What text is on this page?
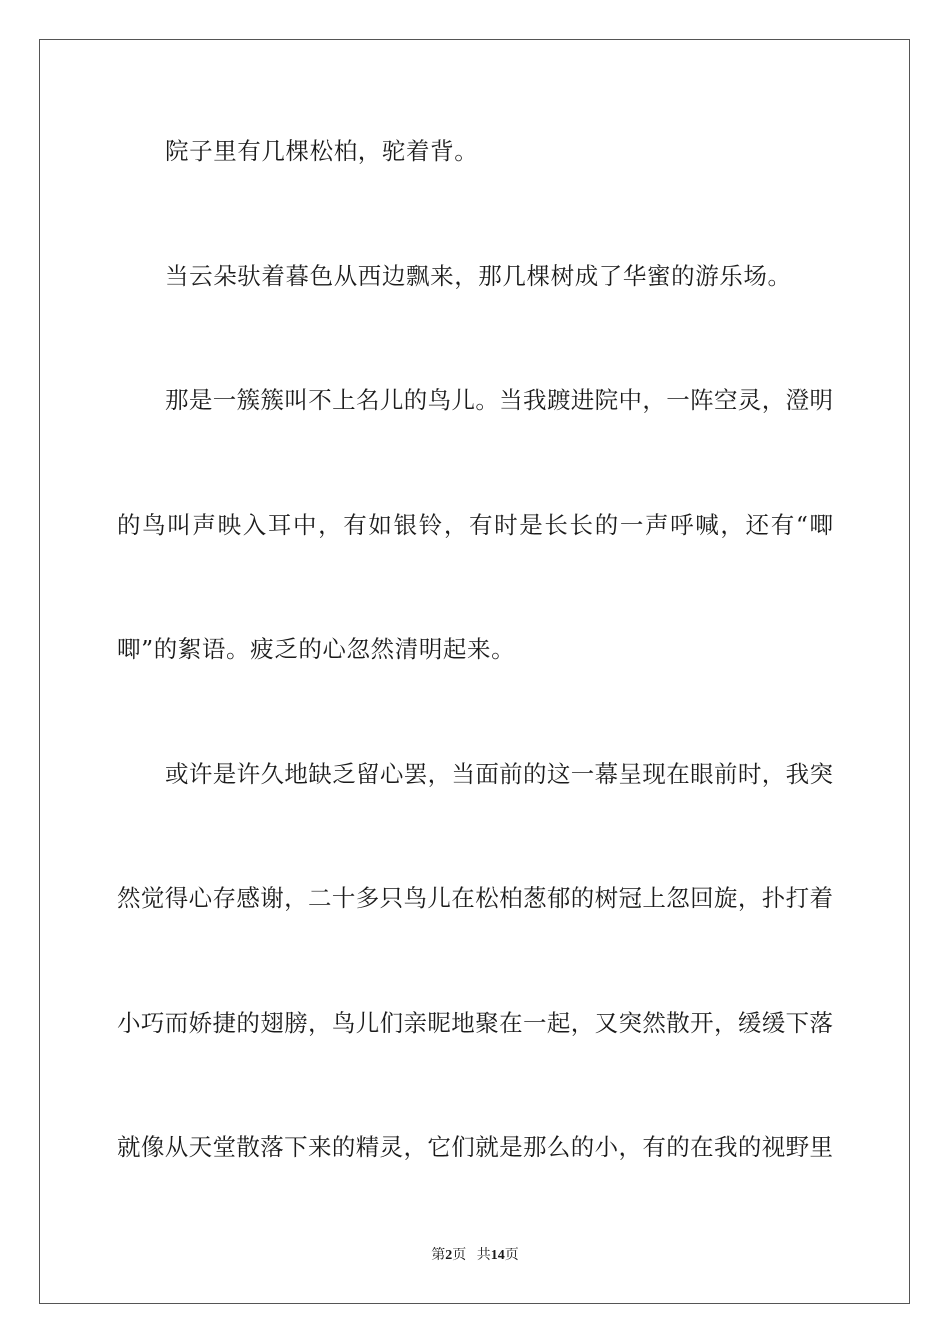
院子里有几棵松柏，驼着背。
当云朵驮着暮色从西边飘来，那几棵树成了华蜜的游乐场。
那是一簇簇叫不上名儿的鸟儿。当我踱进院中，一阵空灵，澄明
的鸟叫声映入耳中，有如银铃，有时是长长的一声呼喊，还有“唧
唧”的絮语。疲乏的心忽然清明起来。
或许是许久地缺乏留心罢，当面前的这一幕呈现在眼前时，我突
然觉得心存感谢，二十多只鸟儿在松柏葱郁的树冠上忽回旋，扑打着
小巧而娇捷的翅膀，鸟儿们亲昵地聚在一起，又突然散开，缓缓下落
就像从天堂散落下来的精灵，它们就是那么的小，有的在我的视野里
第2页 共14页
